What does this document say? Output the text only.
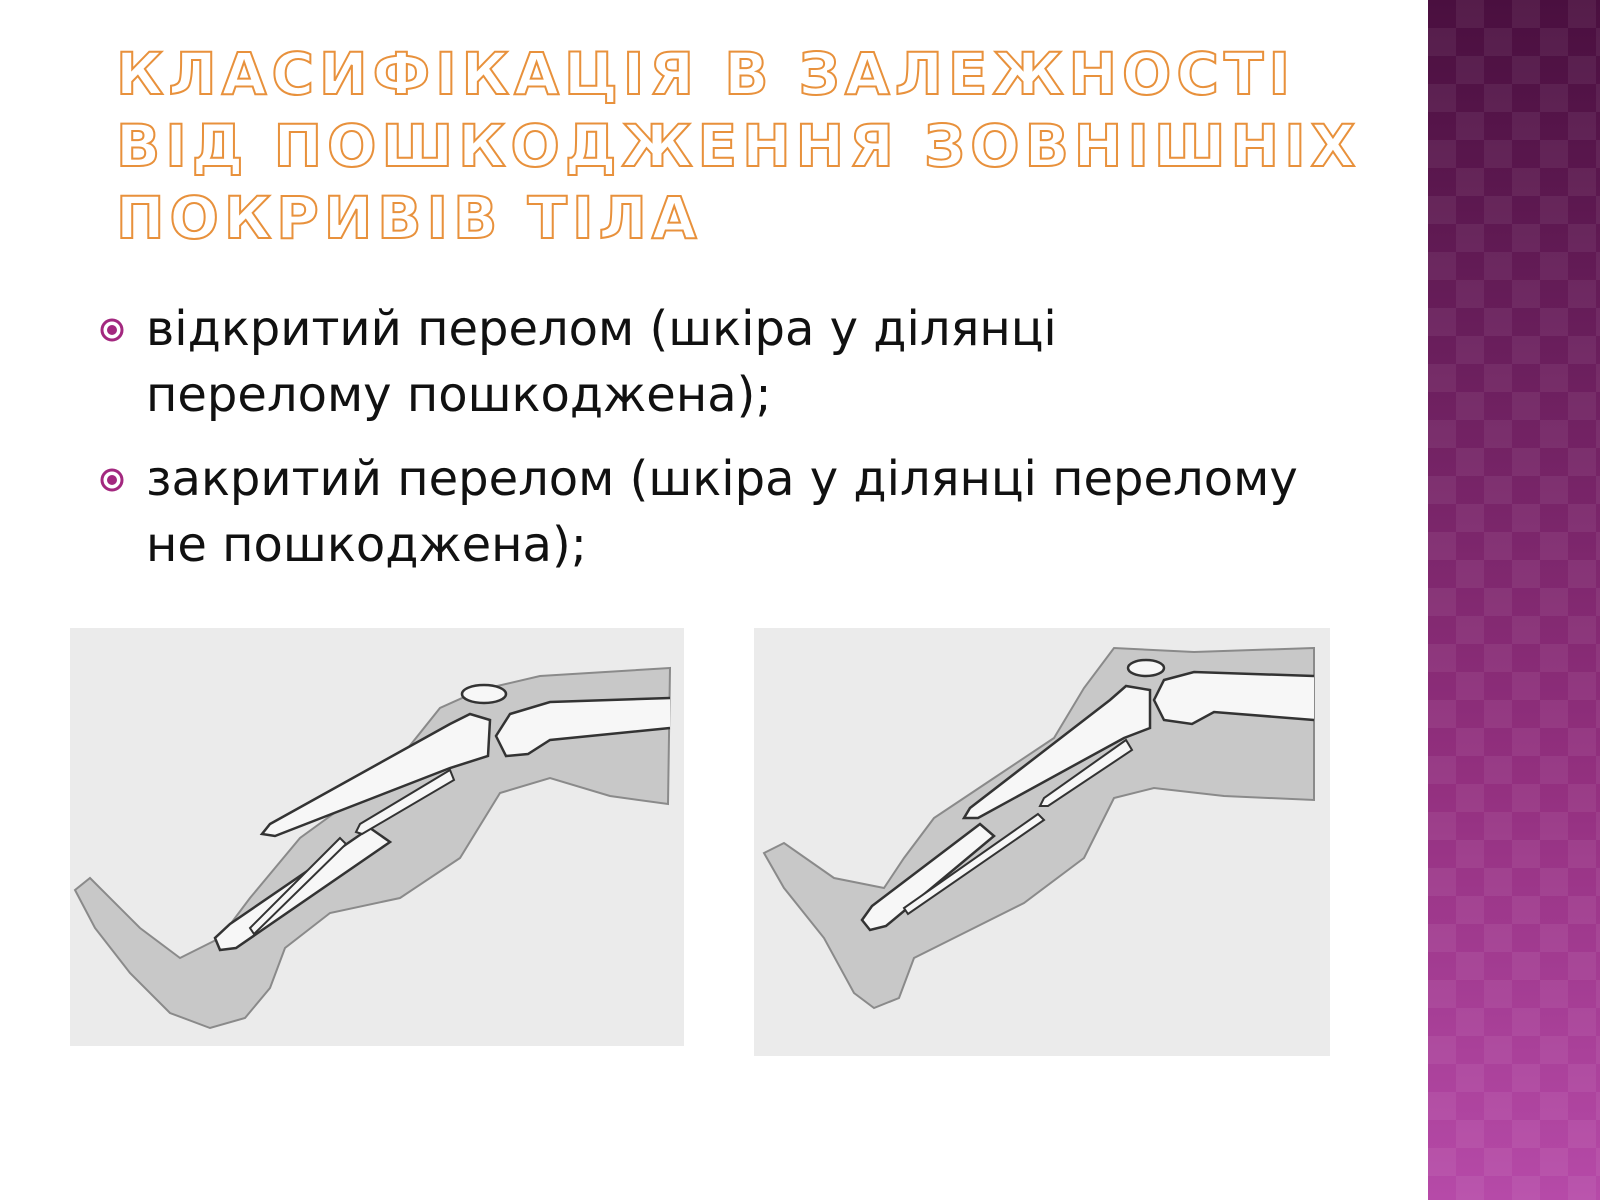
КЛАСИФІКАЦІЯ В ЗАЛЕЖНОСТІ ВІД ПОШКОДЖЕННЯ ЗОВНІШНІХ ПОКРИВІВ ТІЛА
відкритий перелом (шкіра у ділянці перелому пошкоджена);
закритий перелом (шкіра у ділянці перелому не пошкоджена);
